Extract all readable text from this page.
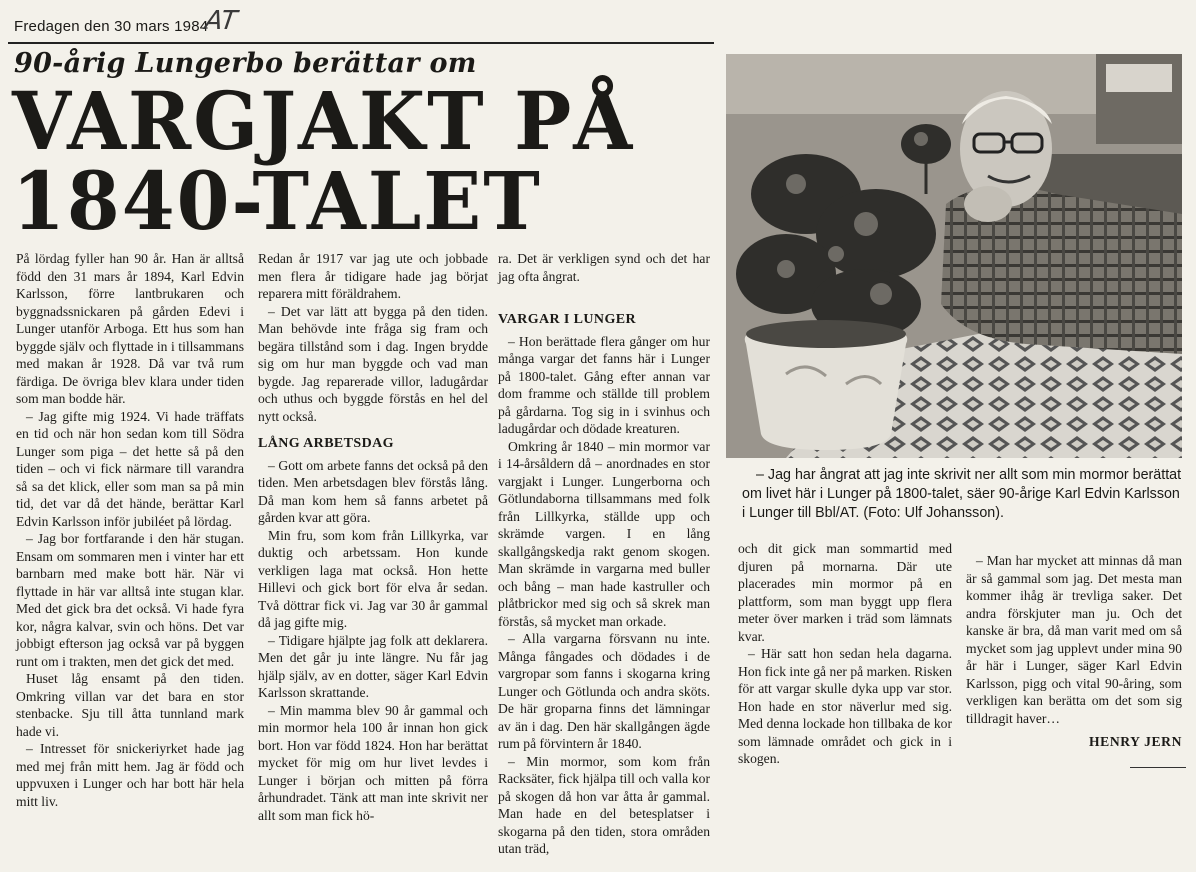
Fredagen den 30 mars 1984
AT
90-årig Lungerbo berättar om
VARGJAKT PÅ
1840-TALET
– Jag har ångrat att jag inte skrivit ner allt som min mormor berättat om livet här i Lunger på 1800-talet, säer 90-årige Karl Edvin Karlsson i Lunger till Bbl/AT. (Foto: Ulf Johansson).

På lördag fyller han 90 år. Han är alltså född den 31 mars år 1894, Karl Edvin Karlsson, förre lantbrukaren och byggnadssnickaren på gården Edevi i Lunger utanför Arboga. Ett hus som han byggde själv och flyttade in i tillsammans med makan år 1928. Då var två rum färdiga. De övriga blev klara under tiden som man bodde här.

– Jag gifte mig 1924. Vi hade träffats en tid och när hon sedan kom till Södra Lunger som piga – det hette så på den tiden – och vi fick närmare till varandra så sa det klick, eller som man sa på min tid, det var då det hände, berättar Karl Edvin Karlsson inför jubiléet på lördag.

– Jag bor fortfarande i den här stugan. Ensam om sommaren men i vinter har ett barnbarn med make bott här. När vi flyttade in här var alltså inte stugan klar. Med det gick bra det också. Vi hade fyra kor, några kalvar, svin och höns. Det var jobbigt efterson jag också var på byggen runt om i trakten, men det gick det med.

Huset låg ensamt på den tiden. Omkring villan var det bara en stor stenbacke. Sju till åtta tunnland mark hade vi.

– Intresset för snickeriyrket hade jag med mej från mitt hem. Jag är född och uppvuxen i Lunger och har bott här hela mitt liv.

Redan år 1917 var jag ute och jobbade men flera år tidigare hade jag börjat reparera mitt föräldrahem.

– Det var lätt att bygga på den tiden. Man behövde inte fråga sig fram och begära tillstånd som i dag. Ingen brydde sig om hur man byggde och vad man bygde. Jag reparerade villor, ladugårdar och uthus och byggde förstås en hel del nytt också.

LÅNG ARBETSDAG

– Gott om arbete fanns det också på den tiden. Men arbetsdagen blev förstås lång. Då man kom hem så fanns arbetet på gården kvar att göra.

Min fru, som kom från Lillkyrka, var duktig och arbetssam. Hon kunde verkligen laga mat också. Hon hette Hillevi och gick bort för elva år sedan. Två döttrar fick vi. Jag var 30 år gammal då jag gifte mig.

– Tidigare hjälpte jag folk att deklarera. Men det går ju inte längre. Nu får jag hjälp själv, av en dotter, säger Karl Edvin Karlsson skrattande.

– Min mamma blev 90 år gammal och min mormor hela 100 år innan hon gick bort. Hon var född 1824. Hon har berättat mycket för mig om hur livet levdes i Lunger i början och mitten på förra århundradet. Tänk att man inte skrivit ner allt som man fick hö-

ra. Det är verkligen synd och det har jag ofta ångrat.

VARGAR I LUNGER

– Hon berättade flera gånger om hur många vargar det fanns här i Lunger på 1800-talet. Gång efter annan var dom framme och ställde till problem på gårdarna. Tog sig in i svinhus och ladugårdar och dödade kreaturen.

Omkring år 1840 – min mormor var i 14-årsåldern då – anordnades en stor vargjakt i Lunger. Lungerborna och Götlundaborna tillsammans med folk från Lillkyrka, ställde upp och skrämde vargen. I en lång skallgångskedja rakt genom skogen. Man skrämde in vargarna med buller och bång – man hade kastruller och plåtbrickor med sig och så skrek man förstås, så mycket man orkade.

– Alla vargarna försvann nu inte. Många fångades och dödades i de vargropar som fanns i skogarna kring Lunger och Götlunda och andra sköts. De här groparna finns det lämningar av än i dag. Den här skallgången ägde rum på förvintern år 1840.

– Min mormor, som kom från Racksäter, fick hjälpa till och valla kor på skogen då hon var åtta år gammal. Man hade en del betesplatser i skogarna på den tiden, stora områden utan träd,

och dit gick man sommartid med djuren på mornarna. Där ute placerades min mormor på en plattform, som man byggt upp flera meter över marken i träd som lämnats kvar.

– Här satt hon sedan hela dagarna. Hon fick inte gå ner på marken. Risken för att vargar skulle dyka upp var stor. Hon hade en stor näverlur med sig. Med denna lockade hon tillbaka de kor som lämnade området och gick in i skogen.

– Man har mycket att minnas då man är så gammal som jag. Det mesta man kommer ihåg är trevliga saker. Det andra förskjuter man ju. Och det kanske är bra, då man varit med om så mycket som jag upplevt under mina 90 år här i Lunger, säger Karl Edvin Karlsson, pigg och vital 90-åring, som verkligen kan berätta om det som sig tilldragit haver…

HENRY JERN
